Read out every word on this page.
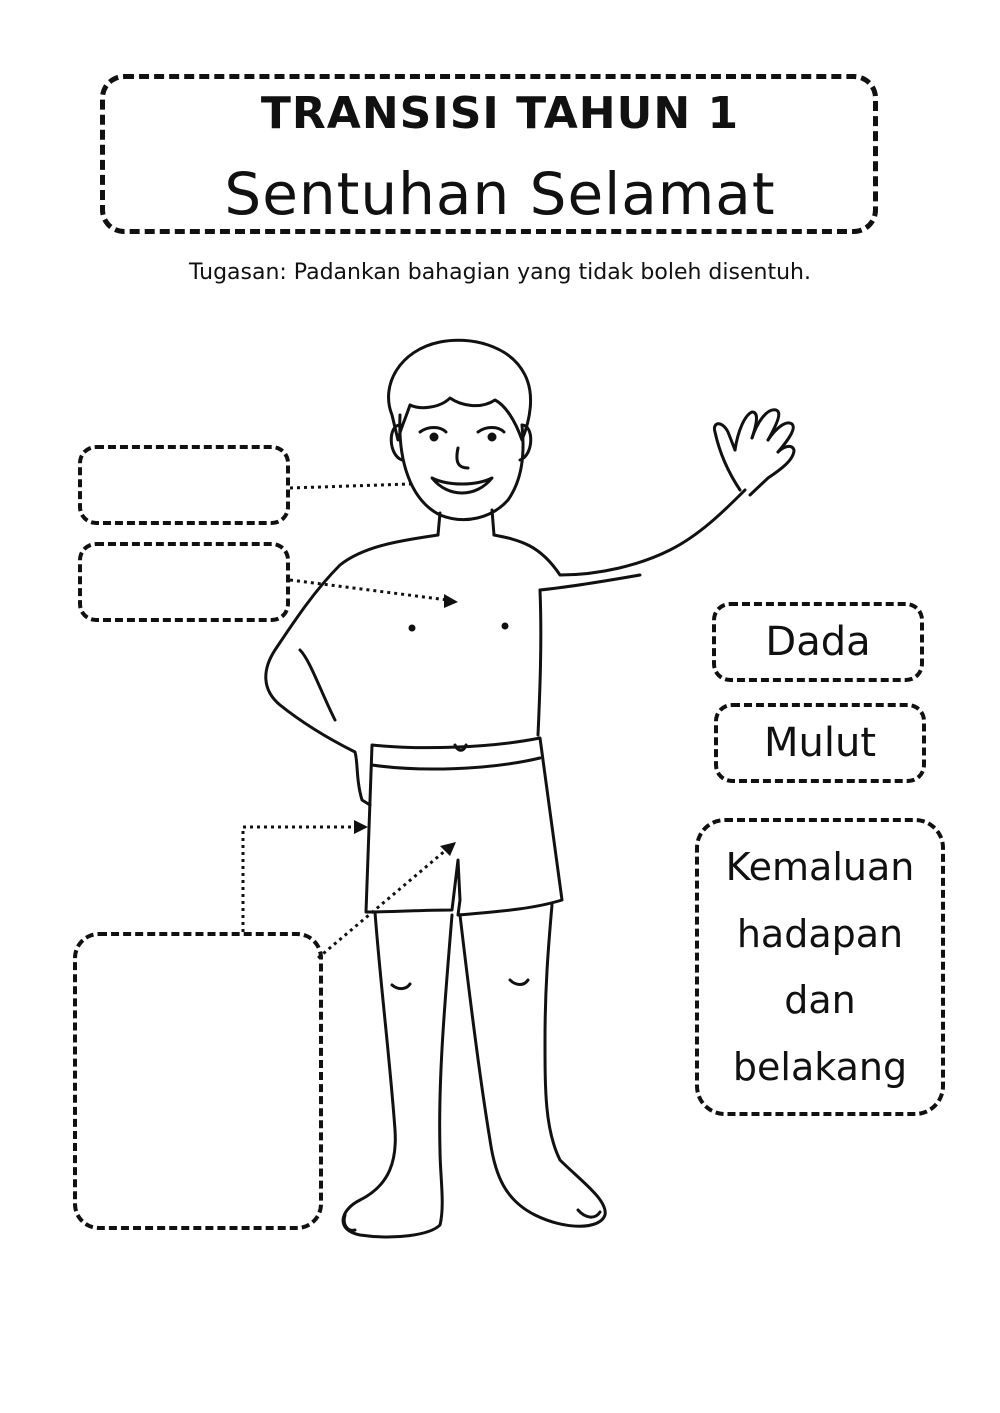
TRANSISI TAHUN 1
Sentuhan Selamat
Tugasan: Padankan bahagian yang tidak boleh disentuh.
Dada
Mulut
Kemaluan
hadapan
dan
belakang
